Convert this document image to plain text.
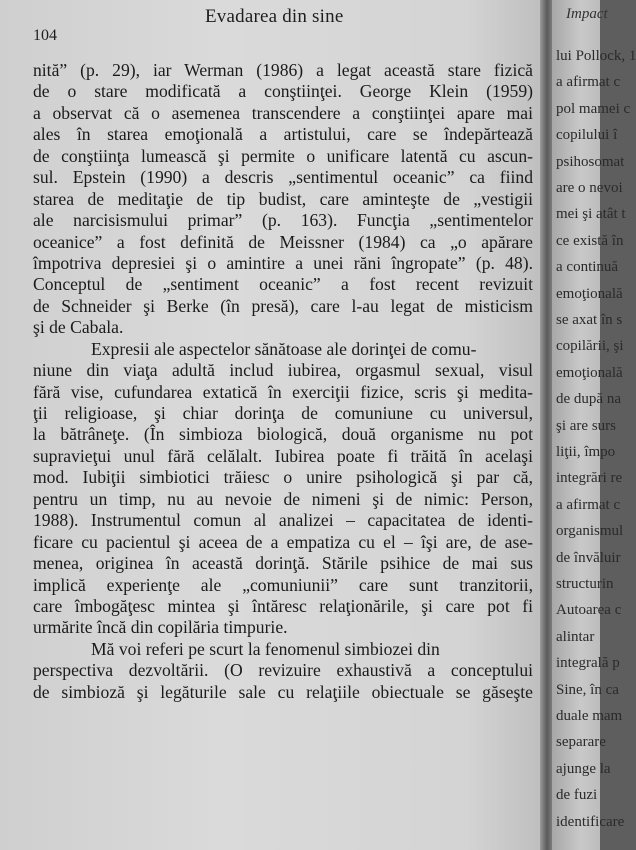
Evadarea din sine
104
nită” (p. 29), iar Werman (1986) a legat această stare fizică
de o stare modificată a conştiinţei. George Klein (1959)
a observat că o asemenea transcendere a conştiinţei apare mai
ales în starea emoţională a artistului, care se îndepărtează
de conştiinţa lumească şi permite o unificare latentă cu ascun-
sul. Epstein (1990) a descris „sentimentul oceanic” ca fiind
starea de meditaţie de tip budist, care aminteşte de „vestigii
ale narcisismului primar” (p. 163). Funcţia „sentimentelor
oceanice” a fost definită de Meissner (1984) ca „o apărare
împotriva depresiei şi o amintire a unei răni îngropate” (p. 48).
Conceptul de „sentiment oceanic” a fost recent revizuit
de Schneider şi Berke (în presă), care l-au legat de misticism
şi de Cabala.
Expresii ale aspectelor sănătoase ale dorinţei de comu-
niune din viaţa adultă includ iubirea, orgasmul sexual, visul
fără vise, cufundarea extatică în exerciţii fizice, scris şi medita-
ţii religioase, şi chiar dorinţa de comuniune cu universul,
la bătrâneţe. (În simbioza biologică, două organisme nu pot
supravieţui unul fără celălalt. Iubirea poate fi trăită în acelaşi
mod. Iubiţii simbiotici trăiesc o unire psihologică şi par că,
pentru un timp, nu au nevoie de nimeni şi de nimic: Person,
1988). Instrumentul comun al analizei – capacitatea de identi-
ficare cu pacientul şi aceea de a empatiza cu el – îşi are, de ase-
menea, originea în această dorinţă. Stările psihice de mai sus
implică experienţe ale „comuniunii” care sunt tranzitorii,
care îmbogăţesc mintea şi întăresc relaţionările, şi care pot fi
urmărite încă din copilăria timpurie.
Mă voi referi pe scurt la fenomenul simbiozei din
perspectiva dezvoltării. (O revizuire exhaustivă a conceptului
de simbioză şi legăturile sale cu relaţiile obiectuale se găseşte
Impact
lui Pollock, 1
a afirmat c
pol mamei c
copilului î
psihosomat
are o nevoi
mei şi atât t
ce există în
a continuă
emoţională
se axat în s
copilării, şi
emoţională
de după na
şi are surs
liţii, împo
integrări re
a afirmat c
organismul
de învăluir
structurin
Autoarea c
alintar
integrală p
Sine, în ca
duale mam
separare
ajunge la
de fuzi
identificare
